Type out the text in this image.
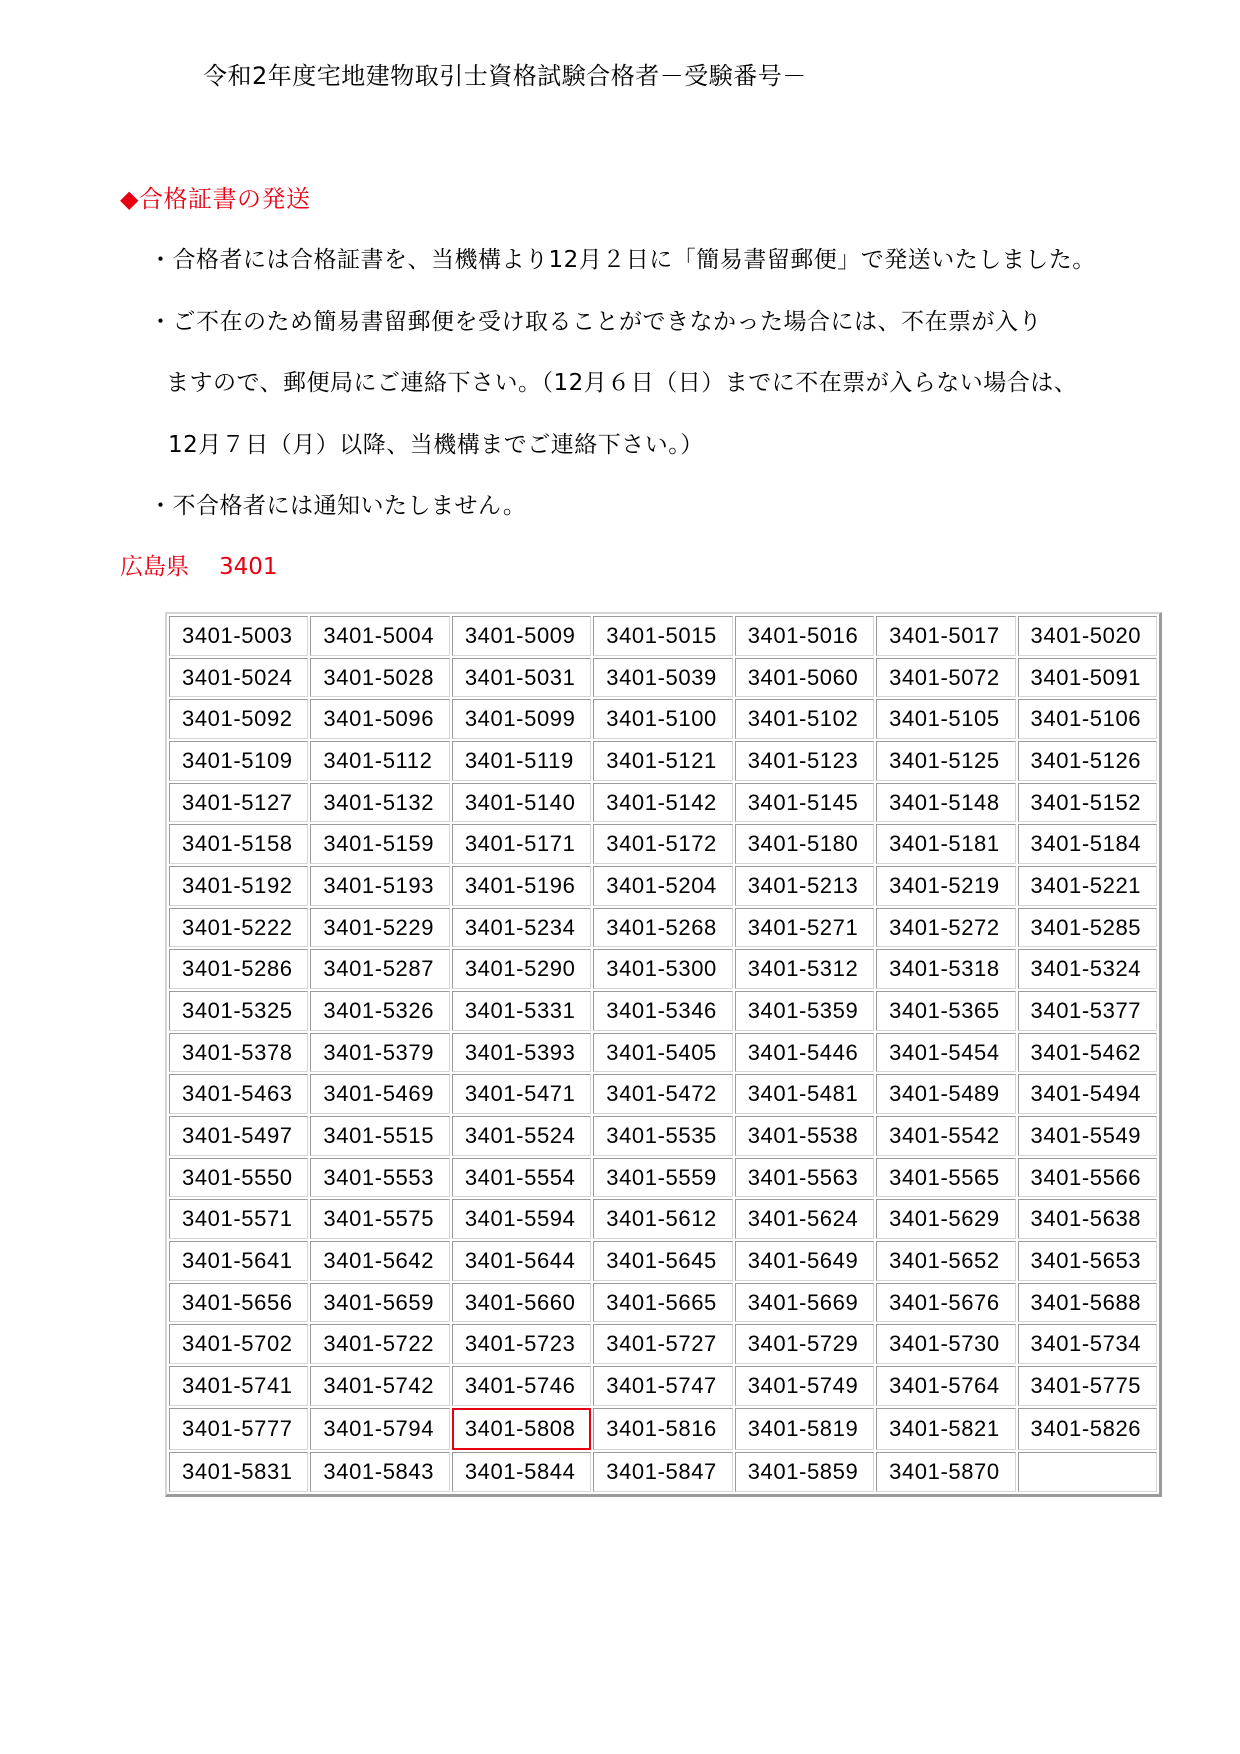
令和2年度宅地建物取引士資格試験合格者－受験番号－
◆合格証書の発送
・合格者には合格証書を、当機構より12月２日に「簡易書留郵便」で発送いたしました。
・ご不在のため簡易書留郵便を受け取ることができなかった場合には、不在票が入り
ますので、郵便局にご連絡下さい。（12月６日（日）までに不在票が入らない場合は、
12月７日（月）以降、当機構までご連絡下さい。）
・不合格者には通知いたしません。
広島県 3401
3401-5003	3401-5004	3401-5009	3401-5015	3401-5016	3401-5017	3401-5020
3401-5024	3401-5028	3401-5031	3401-5039	3401-5060	3401-5072	3401-5091
3401-5092	3401-5096	3401-5099	3401-5100	3401-5102	3401-5105	3401-5106
3401-5109	3401-5112	3401-5119	3401-5121	3401-5123	3401-5125	3401-5126
3401-5127	3401-5132	3401-5140	3401-5142	3401-5145	3401-5148	3401-5152
3401-5158	3401-5159	3401-5171	3401-5172	3401-5180	3401-5181	3401-5184
3401-5192	3401-5193	3401-5196	3401-5204	3401-5213	3401-5219	3401-5221
3401-5222	3401-5229	3401-5234	3401-5268	3401-5271	3401-5272	3401-5285
3401-5286	3401-5287	3401-5290	3401-5300	3401-5312	3401-5318	3401-5324
3401-5325	3401-5326	3401-5331	3401-5346	3401-5359	3401-5365	3401-5377
3401-5378	3401-5379	3401-5393	3401-5405	3401-5446	3401-5454	3401-5462
3401-5463	3401-5469	3401-5471	3401-5472	3401-5481	3401-5489	3401-5494
3401-5497	3401-5515	3401-5524	3401-5535	3401-5538	3401-5542	3401-5549
3401-5550	3401-5553	3401-5554	3401-5559	3401-5563	3401-5565	3401-5566
3401-5571	3401-5575	3401-5594	3401-5612	3401-5624	3401-5629	3401-5638
3401-5641	3401-5642	3401-5644	3401-5645	3401-5649	3401-5652	3401-5653
3401-5656	3401-5659	3401-5660	3401-5665	3401-5669	3401-5676	3401-5688
3401-5702	3401-5722	3401-5723	3401-5727	3401-5729	3401-5730	3401-5734
3401-5741	3401-5742	3401-5746	3401-5747	3401-5749	3401-5764	3401-5775
3401-5777	3401-5794	3401-5808	3401-5816	3401-5819	3401-5821	3401-5826
3401-5831	3401-5843	3401-5844	3401-5847	3401-5859	3401-5870	
